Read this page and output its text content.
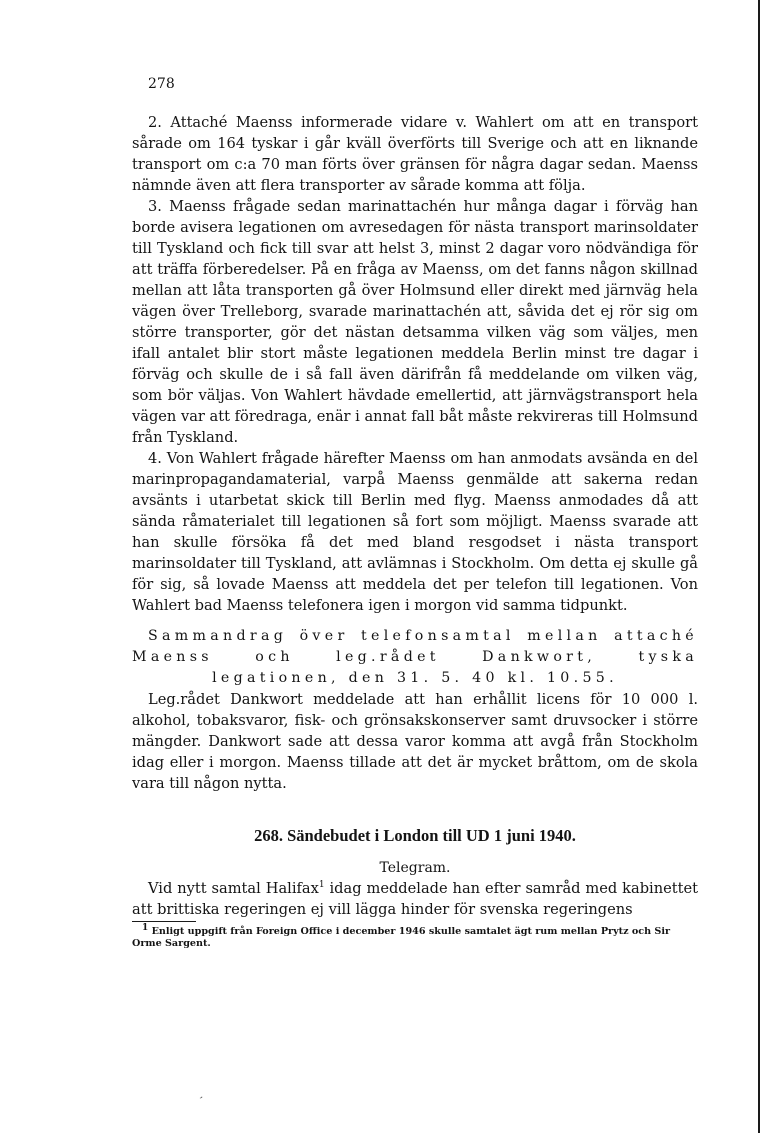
278

2. Attaché Maenss informerade vidare v. Wahlert om att en transport sårade om 164 tyskar i går kväll överförts till Sverige och att en liknande transport om c:a 70 man förts över gränsen för några dagar sedan. Maenss nämnde även att flera transporter av sårade komma att följa.

3. Maenss frågade sedan marinattachén hur många dagar i förväg han borde avisera legationen om avresedagen för nästa transport marinsoldater till Tyskland och fick till svar att helst 3, minst 2 dagar voro nödvändiga för att träffa förberedelser. På en fråga av Maenss, om det fanns någon skillnad mellan att låta transporten gå över Holmsund eller direkt med järnväg hela vägen över Trelleborg, svarade marinattachén att, såvida det ej rör sig om större transporter, gör det nästan detsamma vilken väg som väljes, men ifall antalet blir stort måste legationen meddela Berlin minst tre dagar i förväg och skulle de i så fall även därifrån få meddelande om vilken väg, som bör väljas. Von Wahlert hävdade emellertid, att järnvägstransport hela vägen var att föredraga, enär i annat fall båt måste rekvireras till Holmsund från Tyskland.

4. Von Wahlert frågade härefter Maenss om han anmodats avsända en del marinpropagandamaterial, varpå Maenss genmälde att sakerna redan avsänts i utarbetat skick till Berlin med flyg. Maenss anmodades då att sända råmaterialet till legationen så fort som möjligt. Maenss svarade att han skulle försöka få det med bland resgodset i nästa transport marinsoldater till Tyskland, att avlämnas i Stockholm. Om detta ej skulle gå för sig, så lovade Maenss att meddela det per telefon till legationen. Von Wahlert bad Maenss telefonera igen i morgon vid samma tidpunkt.

Sammandrag över telefonsamtal mellan attaché Maenss och leg.rådet Dankwort, tyska legationen, den 31. 5. 40 kl. 10.55.

Leg.rådet Dankwort meddelade att han erhållit licens för 10 000 l. alkohol, tobaksvaror, fisk- och grönsakskonserver samt druvsocker i större mängder. Dankwort sade att dessa varor komma att avgå från Stockholm idag eller i morgon. Maenss tillade att det är mycket bråttom, om de skola vara till någon nytta.

268. Sändebudet i London till UD 1 juni 1940.
Telegram.

Vid nytt samtal Halifax$^1$ idag meddelade han efter samråd med kabinettet att brittiska regeringen ej vill lägga hinder för svenska regeringens

$^1$ Enligt uppgift från Foreign Office i december 1946 skulle samtalet ägt rum mellan Prytz och Sir Orme Sargent.
,
